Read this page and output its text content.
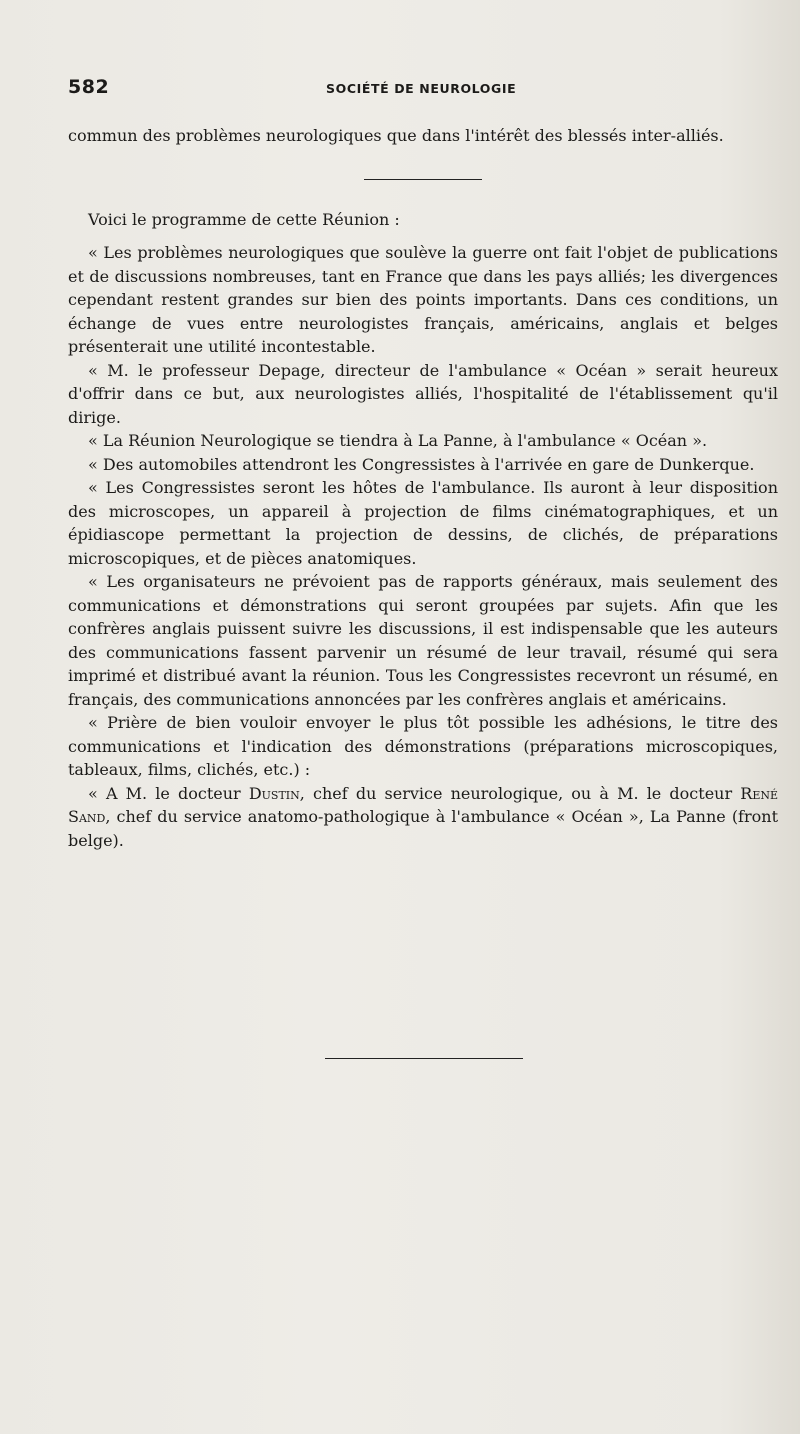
582	SOCIÉTÉ DE NEUROLOGIE

commun des problèmes neurologiques que dans l'intérêt des blessés inter-alliés.

Voici le programme de cette Réunion :

« Les problèmes neurologiques que soulève la guerre ont fait l'objet de publications et de discussions nombreuses, tant en France que dans les pays alliés; les divergences cependant restent grandes sur bien des points importants. Dans ces conditions, un échange de vues entre neurologistes français, américains, anglais et belges présenterait une utilité incontestable.

« M. le professeur Depage, directeur de l'ambulance « Océan » serait heureux d'offrir dans ce but, aux neurologistes alliés, l'hospitalité de l'établissement qu'il dirige.

« La Réunion Neurologique se tiendra à La Panne, à l'ambulance « Océan ».

« Des automobiles attendront les Congressistes à l'arrivée en gare de Dunkerque.

« Les Congressistes seront les hôtes de l'ambulance. Ils auront à leur disposition des microscopes, un appareil à projection de films cinématographiques, et un épidiascope permettant la projection de dessins, de clichés, de préparations microscopiques, et de pièces anatomiques.

« Les organisateurs ne prévoient pas de rapports généraux, mais seulement des communications et démonstrations qui seront groupées par sujets. Afin que les confrères anglais puissent suivre les discussions, il est indispensable que les auteurs des communications fassent parvenir un résumé de leur travail, résumé qui sera imprimé et distribué avant la réunion. Tous les Congressistes recevront un résumé, en français, des communications annoncées par les confrères anglais et américains.

« Prière de bien vouloir envoyer le plus tôt possible les adhésions, le titre des communications et l'indication des démonstrations (préparations microscopiques, tableaux, films, clichés, etc.) :

« A M. le docteur Dustin, chef du service neurologique, ou à M. le docteur René Sand, chef du service anatomo-pathologique à l'ambulance « Océan », La Panne (front belge).
